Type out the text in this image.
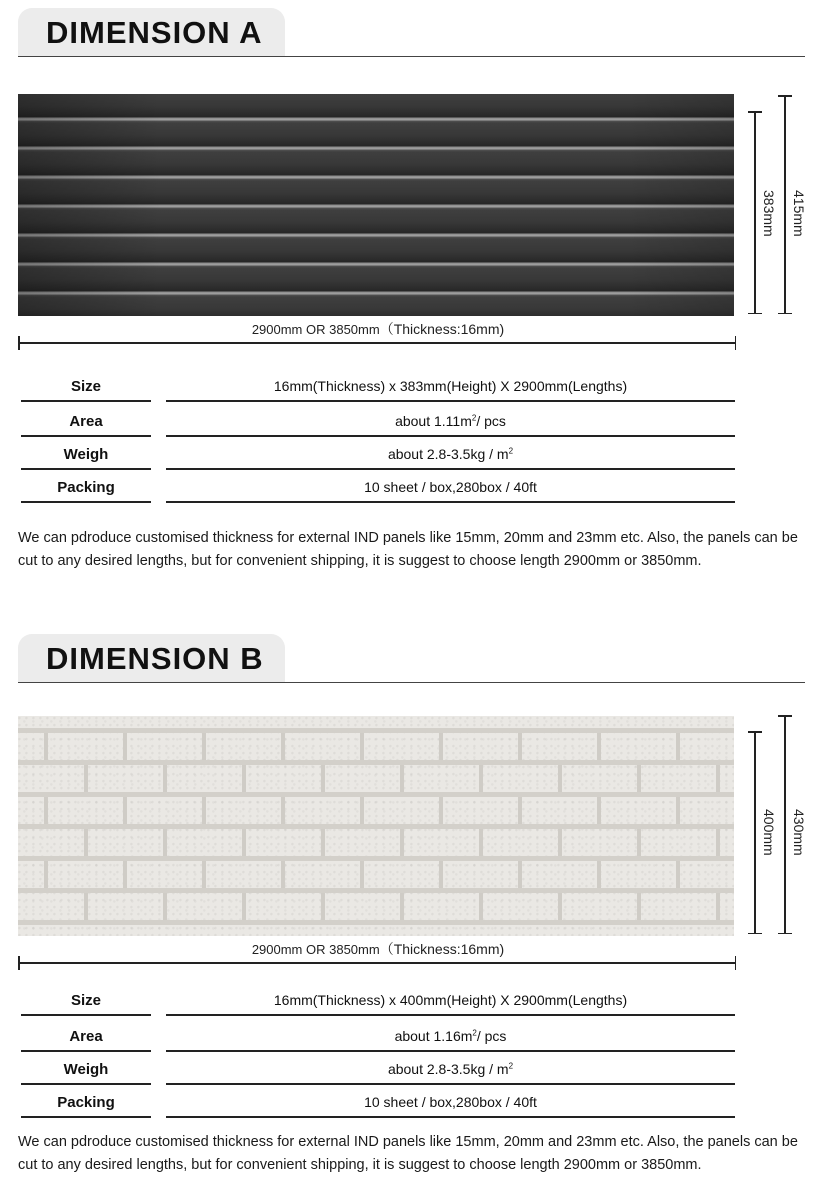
DIMENSION A
383mm 415mm
2900mm OR 3850mm（Thickness:16mm)
Size	16mm(Thickness) x 383mm(Height) X 2900mm(Lengths)
Area	about $1.11m^2/$ pcs
Weigh	about $2.8-3.5kg / m^2$
Packing	10 sheet / box,280box / 40ft
We can pdroduce customised thickness for external IND panels like 15mm, 20mm and 23mm etc. Also, the panels can be cut to any desired lengths, but for convenient shipping, it is suggest to choose length 2900mm or 3850mm.
DIMENSION B
400mm 430mm
2900mm OR 3850mm（Thickness:16mm)
Size	16mm(Thickness) x 400mm(Height) X 2900mm(Lengths)
Area	about $1.16m^2/$ pcs
Weigh	about $2.8-3.5kg / m^2$
Packing	10 sheet / box,280box / 40ft
We can pdroduce customised thickness for external IND panels like 15mm, 20mm and 23mm etc. Also, the panels can be cut to any desired lengths, but for convenient shipping, it is suggest to choose length 2900mm or 3850mm.
